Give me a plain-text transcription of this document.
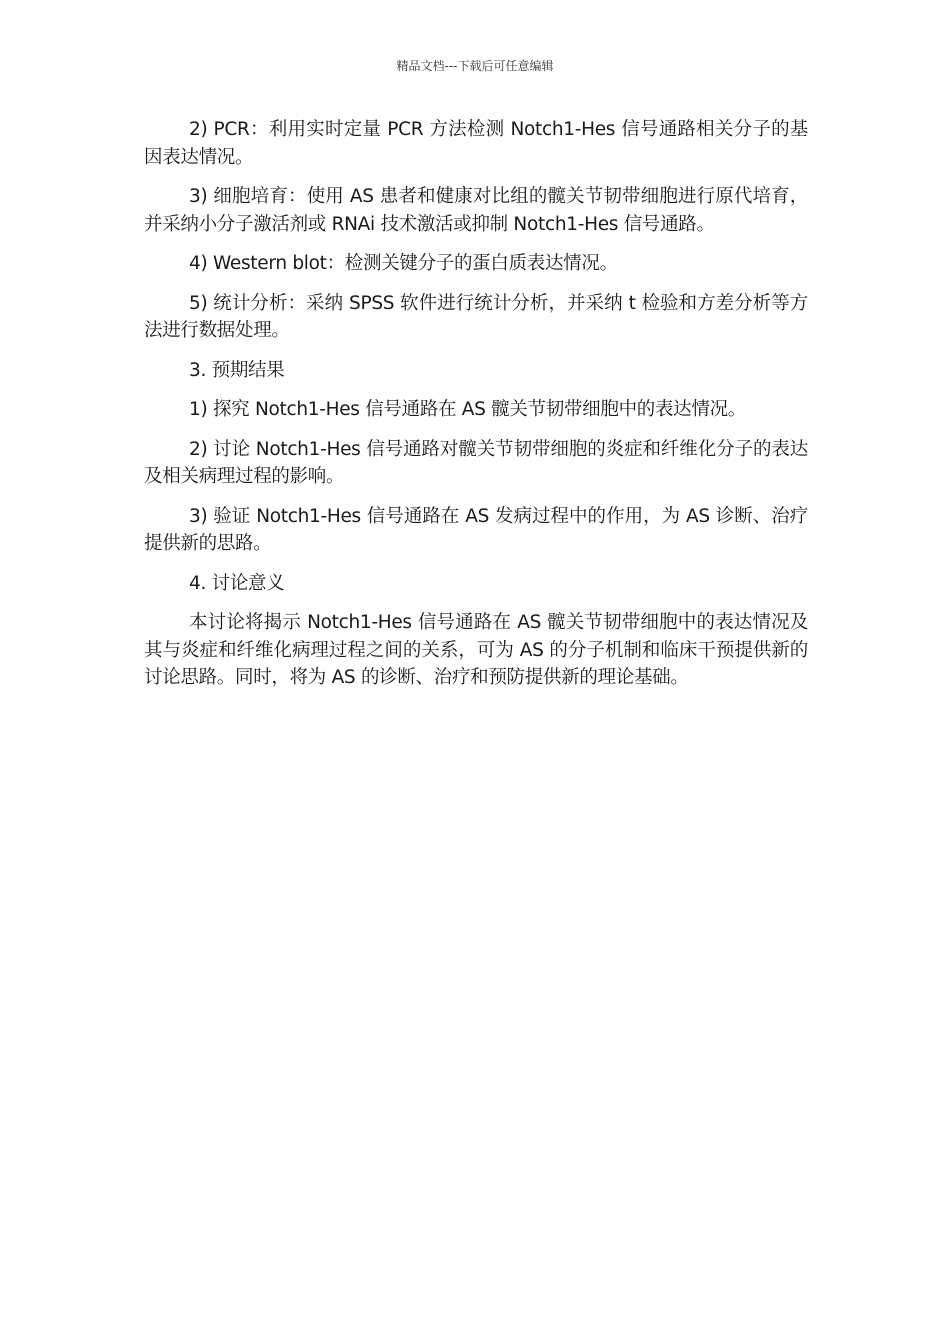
精品文档---下载后可任意编辑

2) PCR：利用实时定量 PCR 方法检测 Notch1-Hes 信号通路相关分子的基因表达情况。

3) 细胞培育：使用 AS 患者和健康对比组的髋关节韧带细胞进行原代培育，并采纳小分子激活剂或 RNAi 技术激活或抑制 Notch1-Hes 信号通路。

4) Western blot：检测关键分子的蛋白质表达情况。

5) 统计分析：采纳 SPSS 软件进行统计分析，并采纳 t 检验和方差分析等方法进行数据处理。

3. 预期结果

1) 探究 Notch1-Hes 信号通路在 AS 髋关节韧带细胞中的表达情况。

2) 讨论 Notch1-Hes 信号通路对髋关节韧带细胞的炎症和纤维化分子的表达及相关病理过程的影响。

3) 验证 Notch1-Hes 信号通路在 AS 发病过程中的作用，为 AS 诊断、治疗提供新的思路。

4. 讨论意义

本讨论将揭示 Notch1-Hes 信号通路在 AS 髋关节韧带细胞中的表达情况及其与炎症和纤维化病理过程之间的关系，可为 AS 的分子机制和临床干预提供新的讨论思路。同时，将为 AS 的诊断、治疗和预防提供新的理论基础。
